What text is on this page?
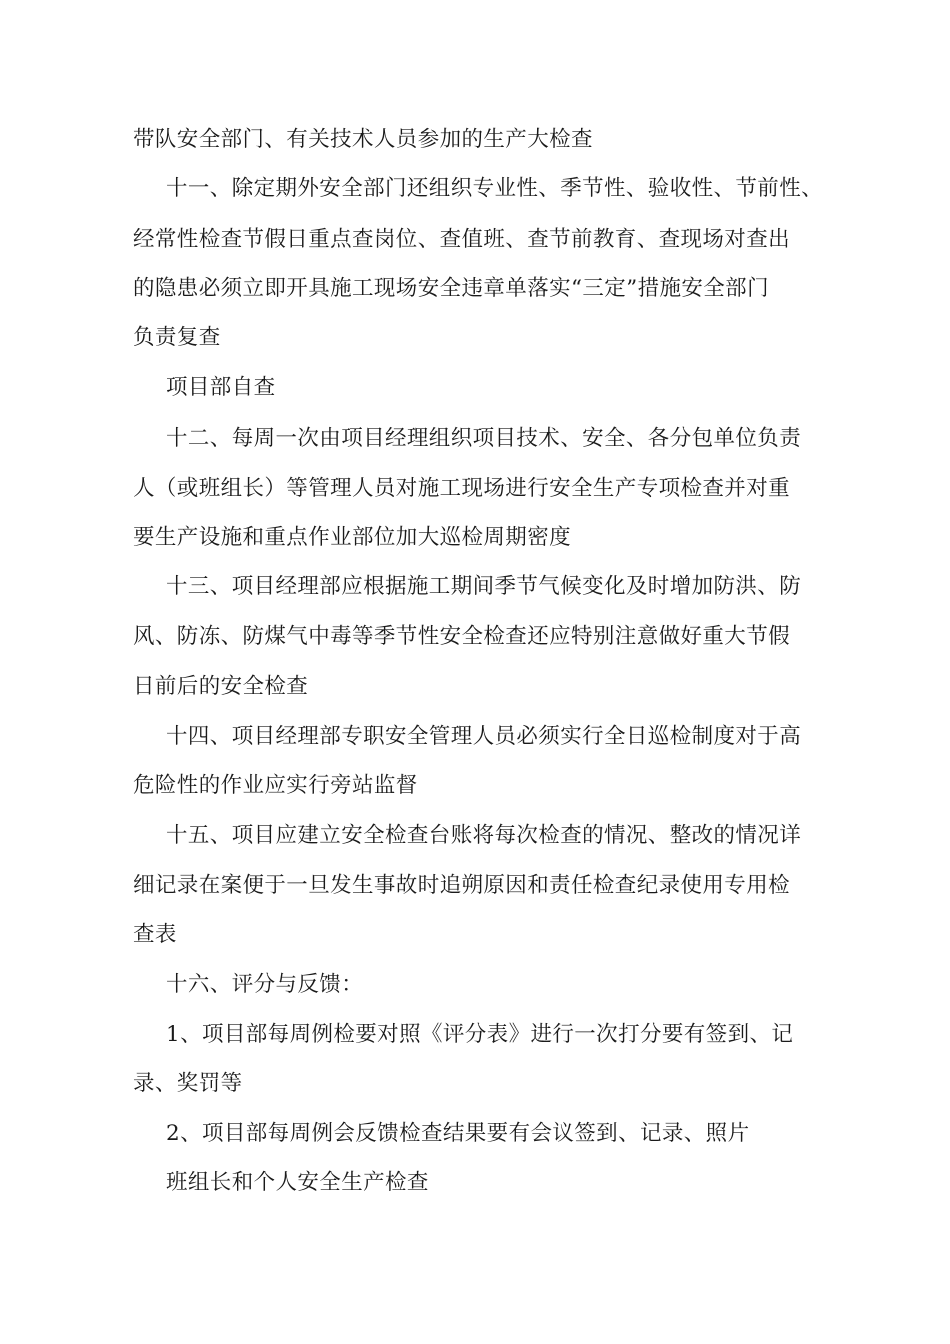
带队安全部门、有关技术人员参加的生产大检查
十一、除定期外安全部门还组织专业性、季节性、验收性、节前性、
经常性检查节假日重点查岗位、查值班、查节前教育、查现场对查出
的隐患必须立即开具施工现场安全违章单落实“三定”措施安全部门
负责复查
项目部自查
十二、每周一次由项目经理组织项目技术、安全、各分包单位负责
人（或班组长）等管理人员对施工现场进行安全生产专项检查并对重
要生产设施和重点作业部位加大巡检周期密度
十三、项目经理部应根据施工期间季节气候变化及时增加防洪、防
风、防冻、防煤气中毒等季节性安全检查还应特别注意做好重大节假
日前后的安全检查
十四、项目经理部专职安全管理人员必须实行全日巡检制度对于高
危险性的作业应实行旁站监督
十五、项目应建立安全检查台账将每次检查的情况、整改的情况详
细记录在案便于一旦发生事故时追朔原因和责任检查纪录使用专用检
查表
十六、评分与反馈：
1、项目部每周例检要对照《评分表》进行一次打分要有签到、记
录、奖罚等
2、项目部每周例会反馈检查结果要有会议签到、记录、照片
班组长和个人安全生产检查
